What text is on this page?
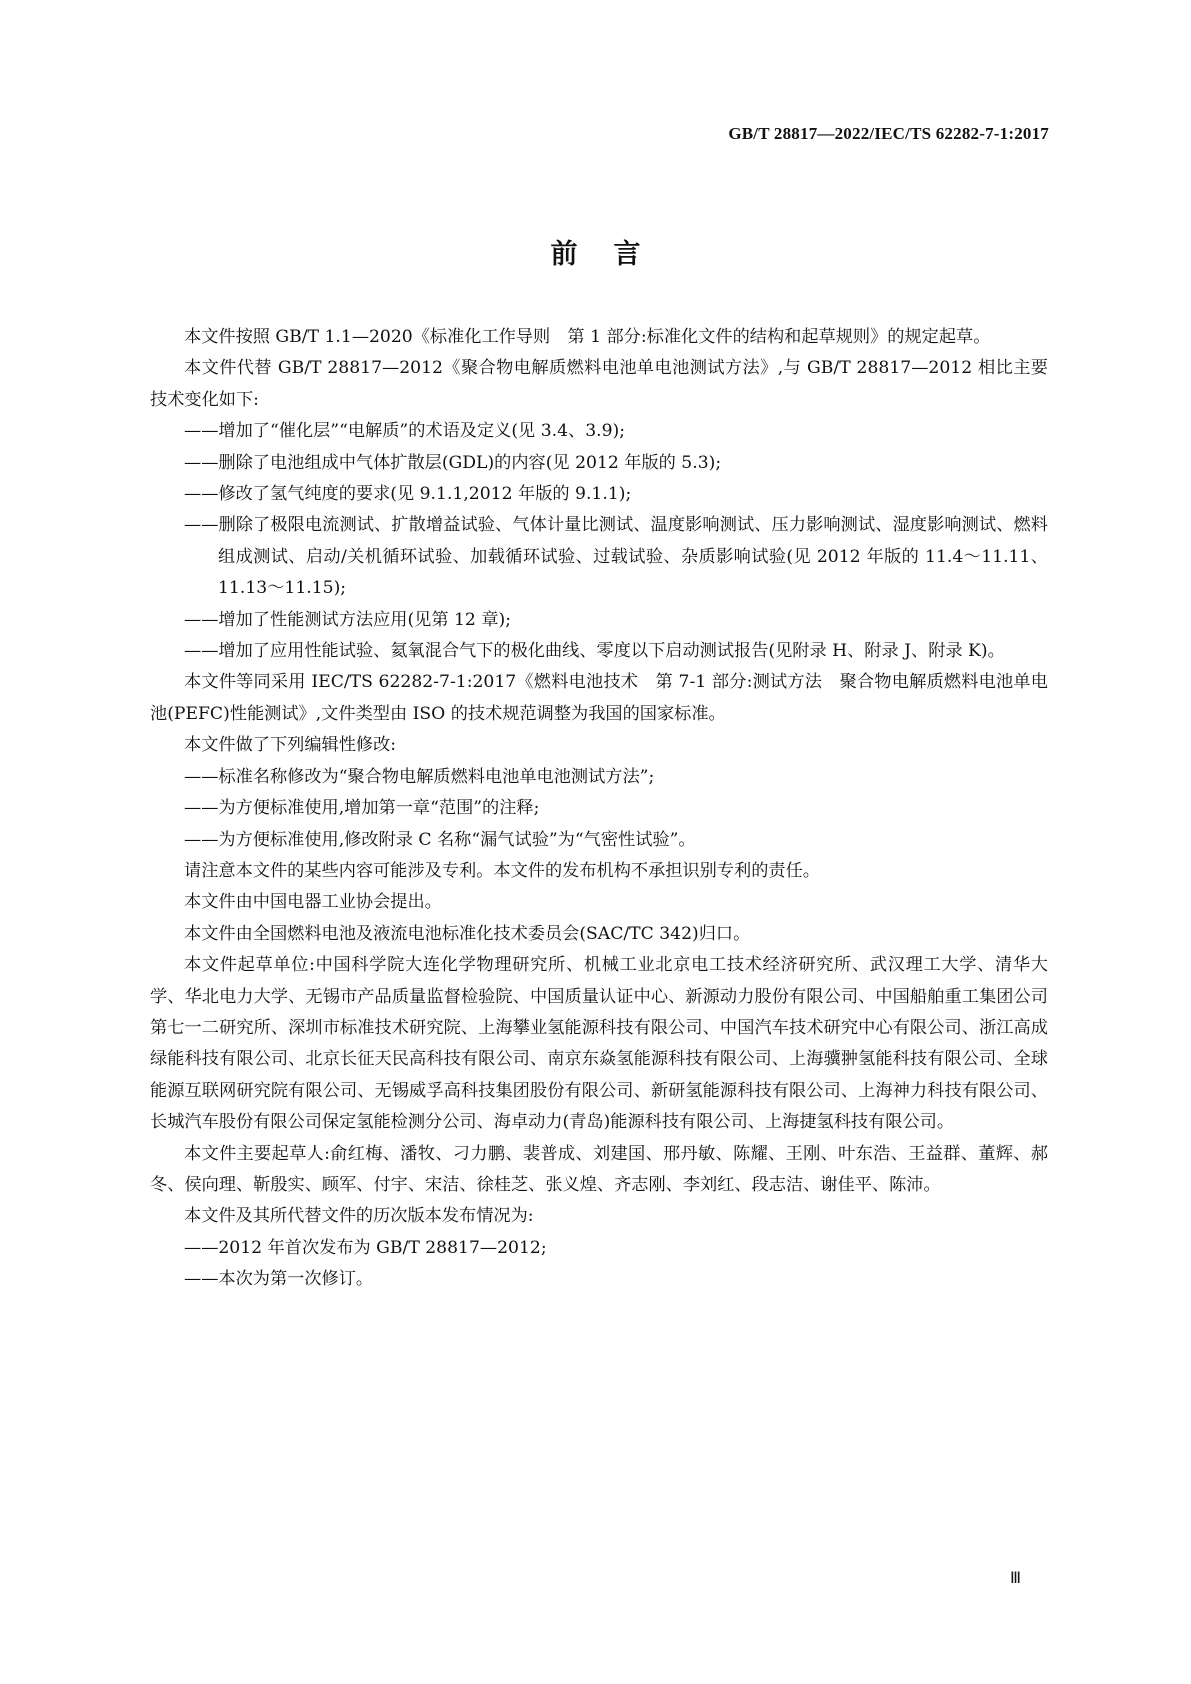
GB/T 28817—2022/IEC/TS 62282-7-1:2017
前言

本文件按照 GB/T 1.1—2020《标准化工作导则　第 1 部分:标准化文件的结构和起草规则》的规定起草。

本文件代替 GB/T 28817—2012《聚合物电解质燃料电池单电池测试方法》,与 GB/T 28817—2012 相比主要技术变化如下:

——增加了“催化层”“电解质”的术语及定义(见 3.4、3.9);

——删除了电池组成中气体扩散层(GDL)的内容(见 2012 年版的 5.3);

——修改了氢气纯度的要求(见 9.1.1,2012 年版的 9.1.1);

——删除了极限电流测试、扩散增益试验、气体计量比测试、温度影响测试、压力影响测试、湿度影响测试、燃料组成测试、启动/关机循环试验、加载循环试验、过载试验、杂质影响试验(见 2012 年版的 11.4～11.11、11.13～11.15);

——增加了性能测试方法应用(见第 12 章);

——增加了应用性能试验、氦氧混合气下的极化曲线、零度以下启动测试报告(见附录 H、附录 J、附录 K)。

本文件等同采用 IEC/TS 62282-7-1:2017《燃料电池技术　第 7-1 部分:测试方法　聚合物电解质燃料电池单电池(PEFC)性能测试》,文件类型由 ISO 的技术规范调整为我国的国家标准。

本文件做了下列编辑性修改:

——标准名称修改为“聚合物电解质燃料电池单电池测试方法”;

——为方便标准使用,增加第一章“范围”的注释;

——为方便标准使用,修改附录 C 名称“漏气试验”为“气密性试验”。

请注意本文件的某些内容可能涉及专利。本文件的发布机构不承担识别专利的责任。

本文件由中国电器工业协会提出。

本文件由全国燃料电池及液流电池标准化技术委员会(SAC/TC 342)归口。

本文件起草单位:中国科学院大连化学物理研究所、机械工业北京电工技术经济研究所、武汉理工大学、清华大学、华北电力大学、无锡市产品质量监督检验院、中国质量认证中心、新源动力股份有限公司、中国船舶重工集团公司第七一二研究所、深圳市标准技术研究院、上海攀业氢能源科技有限公司、中国汽车技术研究中心有限公司、浙江高成绿能科技有限公司、北京长征天民高科技有限公司、南京东焱氢能源科技有限公司、上海骥翀氢能科技有限公司、全球能源互联网研究院有限公司、无锡威孚高科技集团股份有限公司、新研氢能源科技有限公司、上海神力科技有限公司、长城汽车股份有限公司保定氢能检测分公司、海卓动力(青岛)能源科技有限公司、上海捷氢科技有限公司。

本文件主要起草人:俞红梅、潘牧、刁力鹏、裴普成、刘建国、邢丹敏、陈耀、王刚、叶东浩、王益群、董辉、郝冬、侯向理、靳殷实、顾军、付宇、宋洁、徐桂芝、张义煌、齐志刚、李刘红、段志洁、谢佳平、陈沛。

本文件及其所代替文件的历次版本发布情况为:

——2012 年首次发布为 GB/T 28817—2012;

——本次为第一次修订。

Ⅲ
